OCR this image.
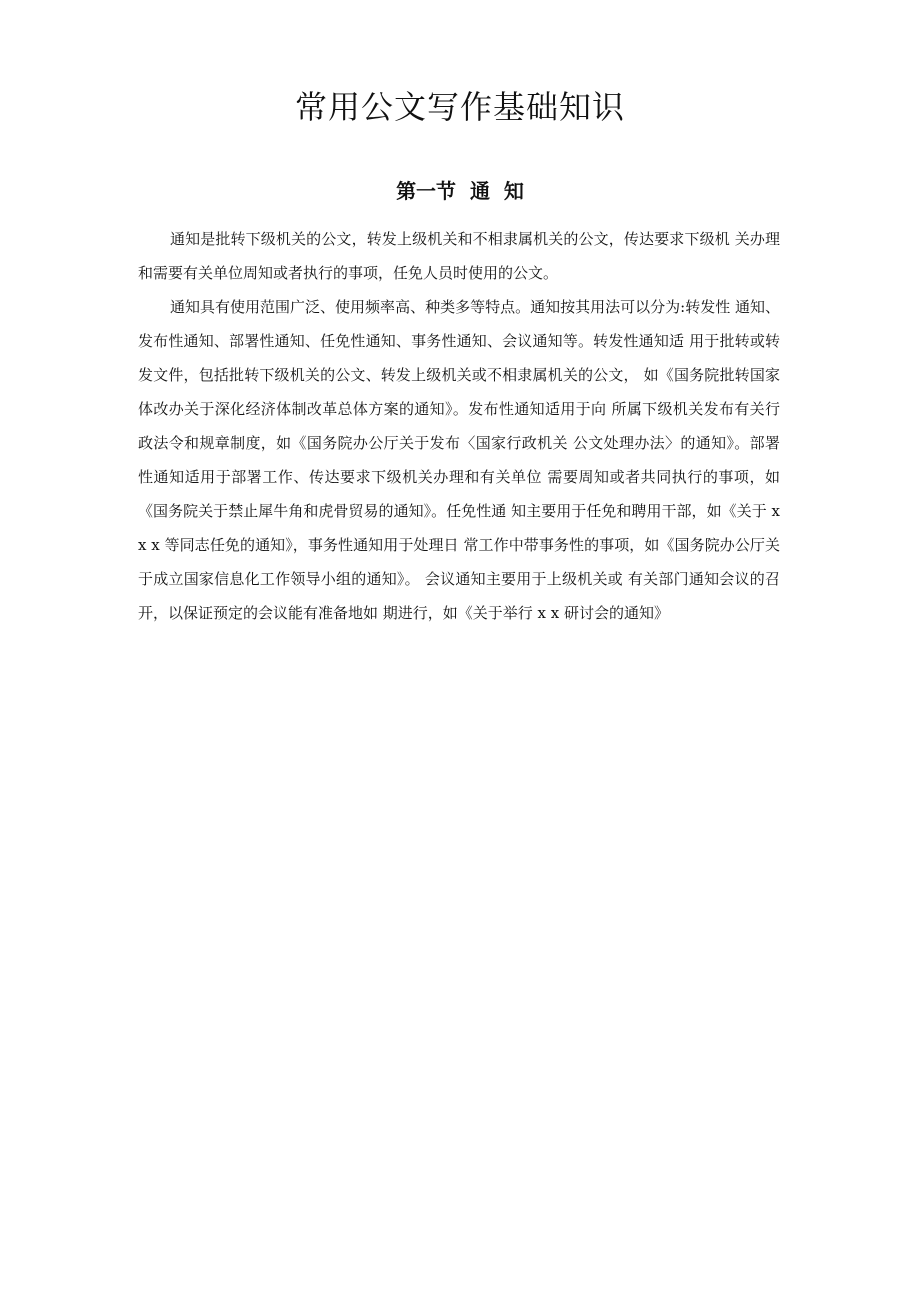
常用公文写作基础知识
第一节  通  知

通知是批转下级机关的公文，转发上级机关和不相隶属机关的公文，传达要求下级机 关办理和需要有关单位周知或者执行的事项，任免人员时使用的公文。

通知具有使用范围广泛、使用频率高、种类多等特点。通知按其用法可以分为:转发性 通知、发布性通知、部署性通知、任免性通知、事务性通知、会议通知等。转发性通知适 用于批转或转发文件，包括批转下级机关的公文、转发上级机关或不相隶属机关的公文， 如《国务院批转国家体改办关于深化经济体制改革总体方案的通知》。发布性通知适用于向 所属下级机关发布有关行政法令和规章制度，如《国务院办公厅关于发布〈国家行政机关 公文处理办法〉的通知》。部署性通知适用于部署工作、传达要求下级机关办理和有关单位 需要周知或者共同执行的事项，如《国务院关于禁止犀牛角和虎骨贸易的通知》。任免性通 知主要用于任免和聘用干部，如《关于 x x x 等同志任免的通知》，事务性通知用于处理日 常工作中带事务性的事项，如《国务院办公厅关于成立国家信息化工作领导小组的通知》。 会议通知主要用于上级机关或 有关部门通知会议的召开，以保证预定的会议能有准备地如 期进行，如《关于举行 x x 研讨会的通知》
